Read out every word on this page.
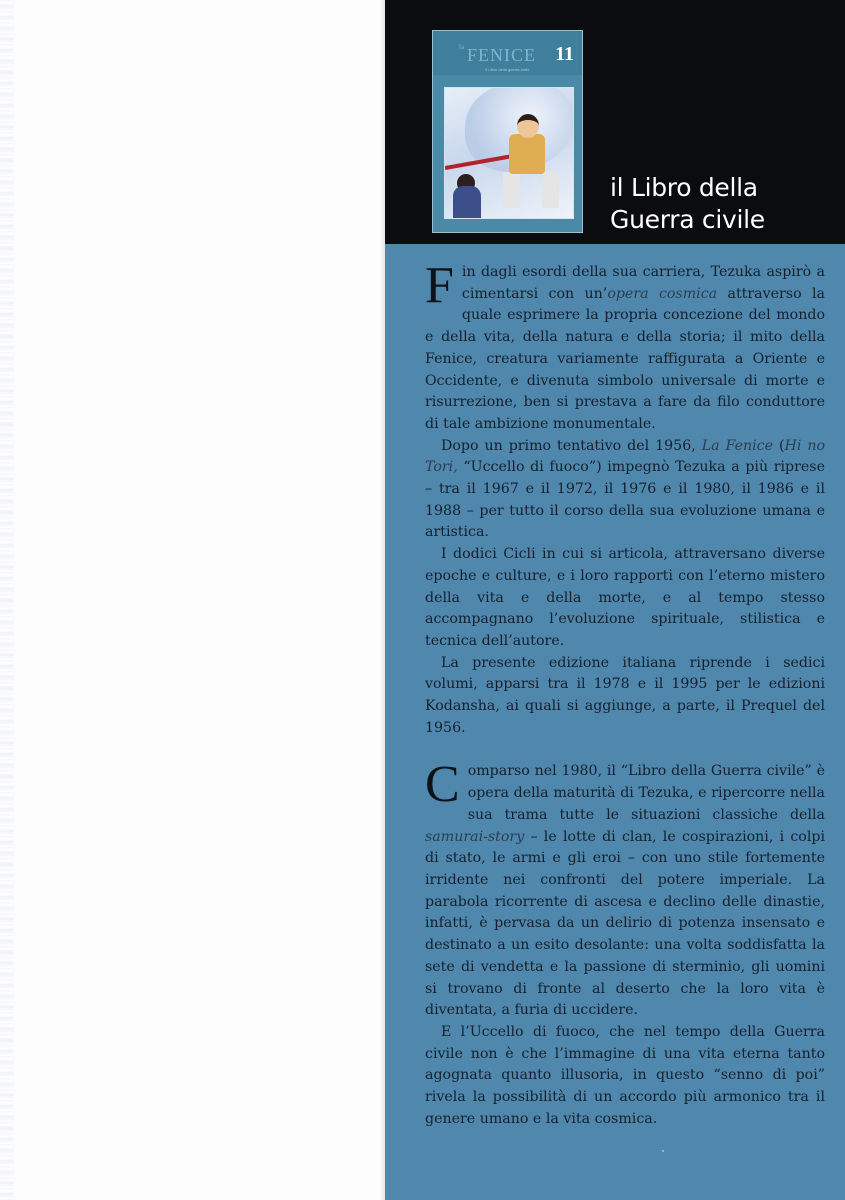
la FENICE 11
il Libro della guerra civile
il Libro della
Guerra civile

Fin dagli esordi della sua carriera, Tezuka aspirò a cimentarsi con un’opera cosmica attraverso la quale esprimere la propria concezione del mondo e della vita, della natura e della storia; il mito della Fenice, creatura variamente raffigurata a Oriente e Occidente, e divenuta simbolo universale di morte e risurrezione, ben si prestava a fare da filo conduttore di tale ambizione monumentale.

Dopo un primo tentativo del 1956, La Fenice (Hi no Tori, “Uccello di fuoco”) impegnò Tezuka a più riprese – tra il 1967 e il 1972, il 1976 e il 1980, il 1986 e il 1988 – per tutto il corso della sua evoluzione umana e artistica.

I dodici Cicli in cui si articola, attraversano diverse epoche e culture, e i loro rapporti con l’eterno mistero della vita e della morte, e al tempo stesso accompagnano l’evoluzione spirituale, stilistica e tecnica dell’autore.

La presente edizione italiana riprende i sedici volumi, apparsi tra il 1978 e il 1995 per le edizioni Kodansha, ai quali si aggiunge, a parte, il Prequel del 1956.

Comparso nel 1980, il “Libro della Guerra civile” è opera della maturità di Tezuka, e ripercorre nella sua trama tutte le situazioni classiche della samurai-story – le lotte di clan, le cospirazioni, i colpi di stato, le armi e gli eroi – con uno stile fortemente irridente nei confronti del potere imperiale. La parabola ricorrente di ascesa e declino delle dinastie, infatti, è pervasa da un delirio di potenza insensato e destinato a un esito desolante: una volta soddisfatta la sete di vendetta e la passione di sterminio, gli uomini si trovano di fronte al deserto che la loro vita è diventata, a furia di uccidere.

E l’Uccello di fuoco, che nel tempo della Guerra civile non è che l’immagine di una vita eterna tanto agognata quanto illusoria, in questo “senno di poi” rivela la possibilità di un accordo più armonico tra il genere umano e la vita cosmica.
